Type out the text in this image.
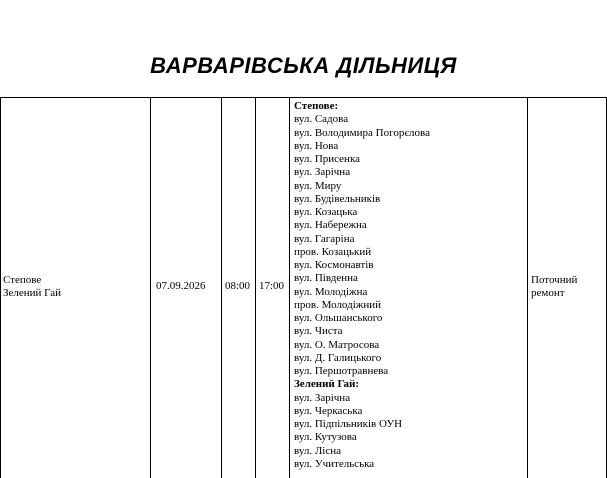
ВАРВАРІВСЬКА ДІЛЬНИЦЯ
Степове
Зелений Гай
07.09.2026 08:00 17:00	Поточний
ремонт
Степове:
вул. Садова
вул. Володимира Погорєлова
вул. Нова
вул. Присенка
вул. Зарічна
вул. Миру
вул. Будівельників
вул. Козацька
вул. Набережна
вул. Гагаріна
пров. Козацький
вул. Космонавтів
вул. Південна
вул. Молодіжна
пров. Молодіжний
вул. Ольшанського
вул. Чиста
вул. О. Матросова
вул. Д. Галицького
вул. Першотравнева
Зелений Гай:
вул. Зарічна
вул. Черкаська
вул. Підпільників ОУН
вул. Кутузова
вул. Лісна
вул. Учительська
